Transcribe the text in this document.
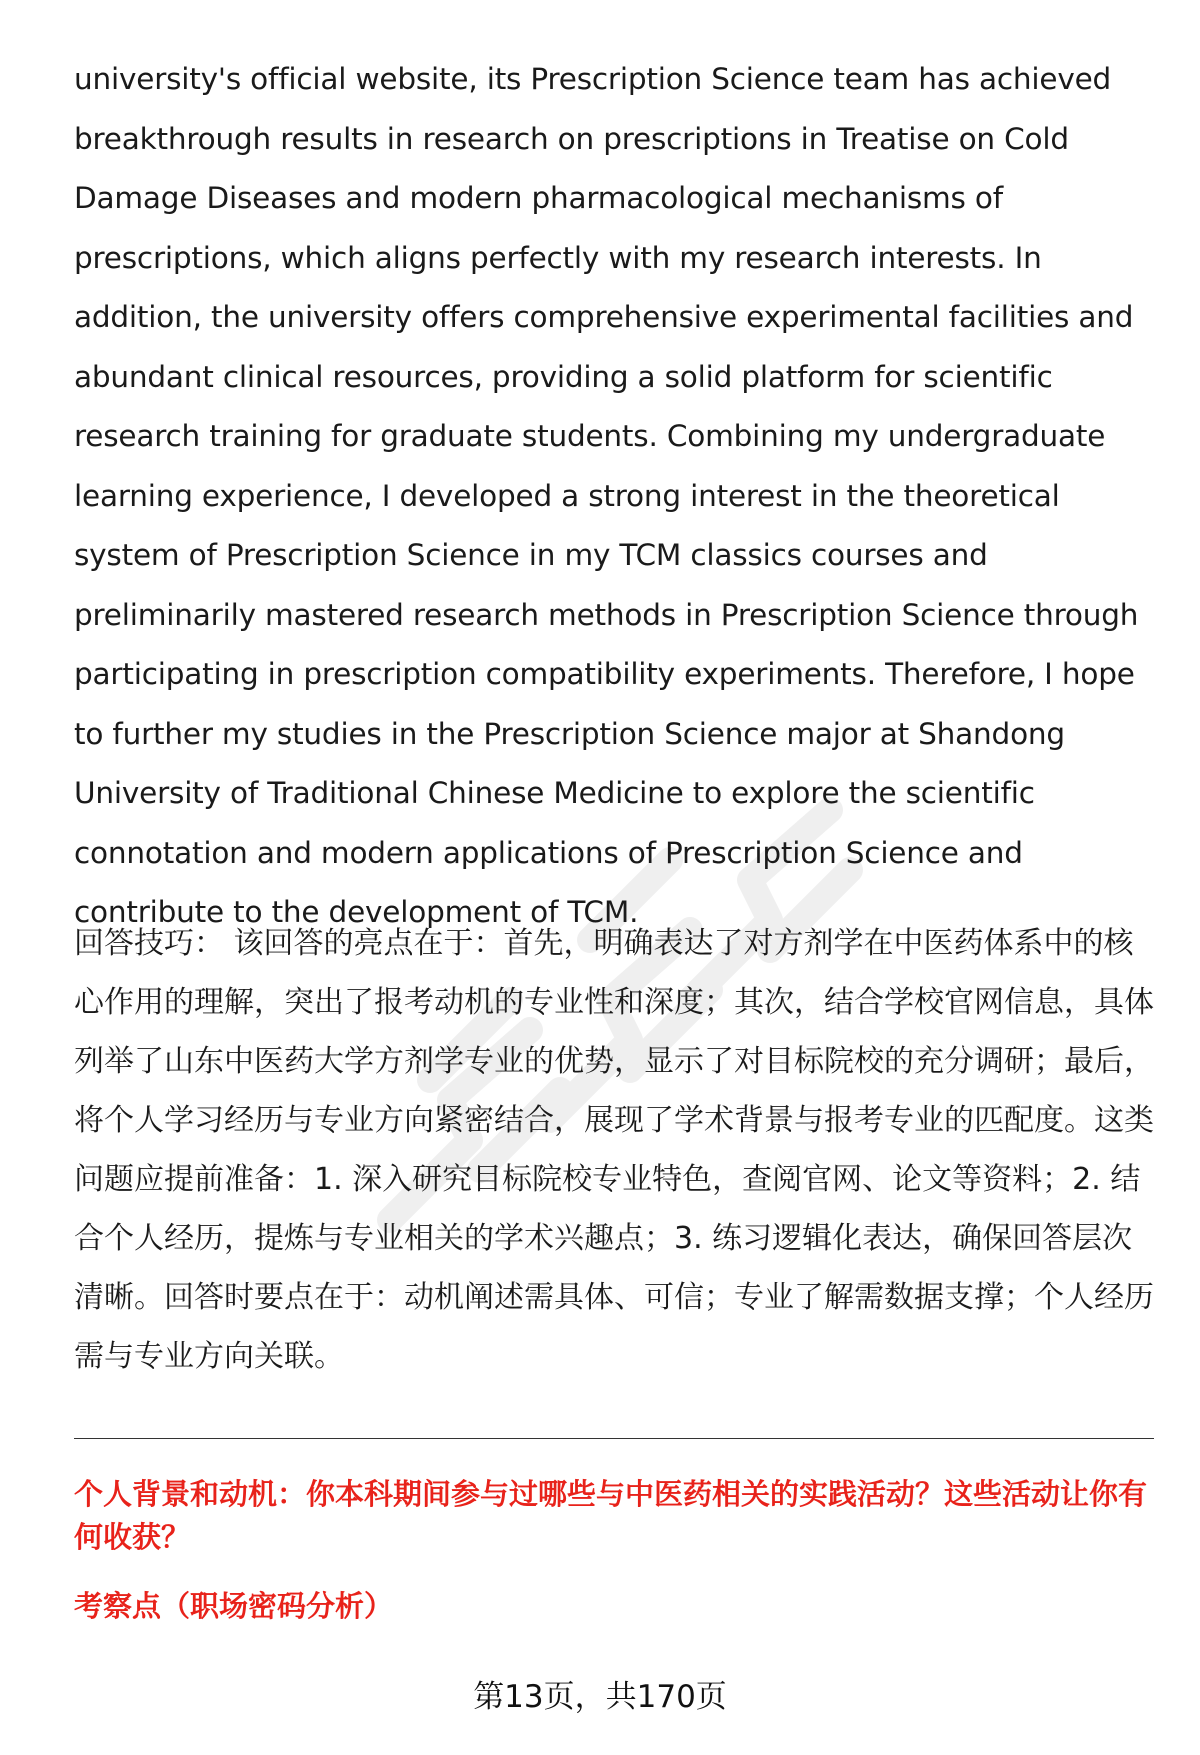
university's official website, its Prescription Science team has achieved breakthrough results in research on prescriptions in Treatise on Cold Damage Diseases and modern pharmacological mechanisms of prescriptions, which aligns perfectly with my research interests. In addition, the university offers comprehensive experimental facilities and abundant clinical resources, providing a solid platform for scientific research training for graduate students. Combining my undergraduate learning experience, I developed a strong interest in the theoretical system of Prescription Science in my TCM classics courses and preliminarily mastered research methods in Prescription Science through participating in prescription compatibility experiments. Therefore, I hope to further my studies in the Prescription Science major at Shandong University of Traditional Chinese Medicine to explore the scientific connotation and modern applications of Prescription Science and contribute to the development of TCM.

回答技巧： 该回答的亮点在于：首先，明确表达了对方剂学在中医药体系中的核心作用的理解，突出了报考动机的专业性和深度；其次，结合学校官网信息，具体列举了山东中医药大学方剂学专业的优势，显示了对目标院校的充分调研；最后，将个人学习经历与专业方向紧密结合，展现了学术背景与报考专业的匹配度。这类问题应提前准备：1. 深入研究目标院校专业特色，查阅官网、论文等资料；2. 结合个人经历，提炼与专业相关的学术兴趣点；3. 练习逻辑化表达，确保回答层次清晰。回答时要点在于：动机阐述需具体、可信；专业了解需数据支撑；个人经历需与专业方向关联。

个人背景和动机：你本科期间参与过哪些与中医药相关的实践活动？这些活动让你有何收获？

考察点（职场密码分析）

第13页，共170页
